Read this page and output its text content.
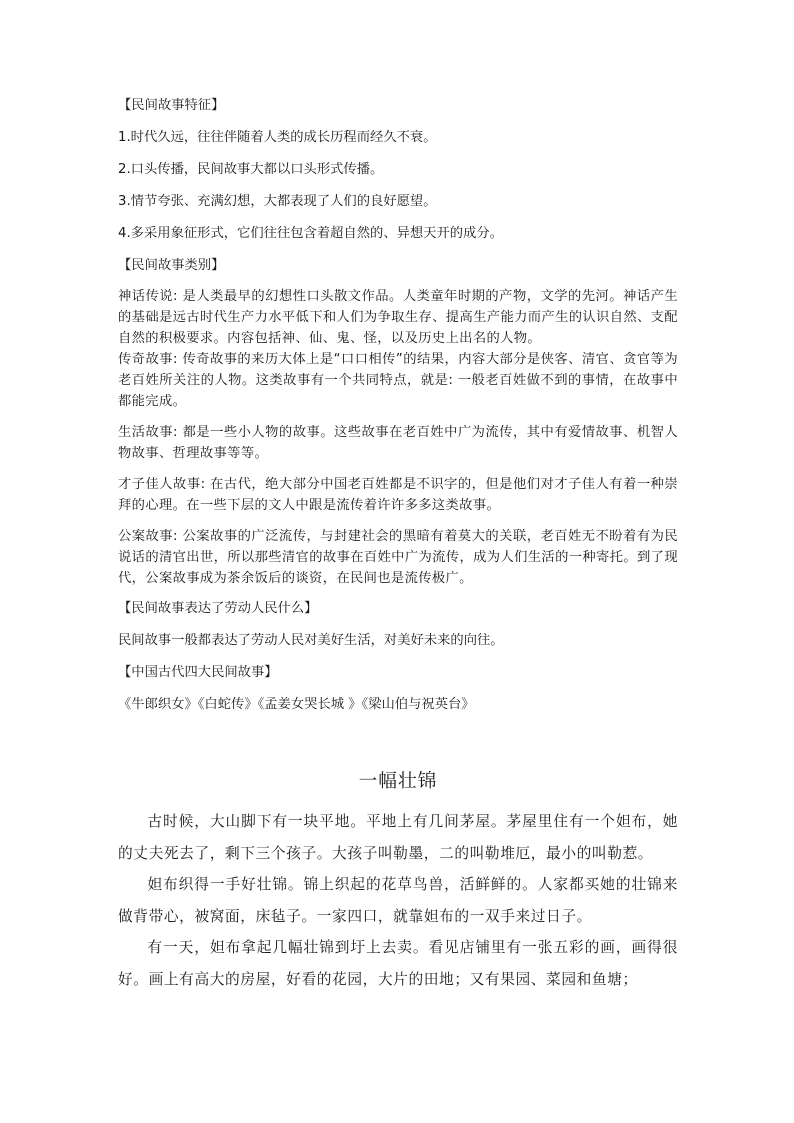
【民间故事特征】
1.时代久远，往往伴随着人类的成长历程而经久不衰。
2.口头传播，民间故事大都以口头形式传播。
3.情节夸张、充满幻想，大都表现了人们的良好愿望。
4.多采用象征形式，它们往往包含着超自然的、异想天开的成分。
【民间故事类别】
神话传说: 是人类最早的幻想性口头散文作品。人类童年时期的产物，文学的先河。神话产生的基础是远古时代生产力水平低下和人们为争取生存、提高生产能力而产生的认识自然、支配自然的积极要求。内容包括神、仙、鬼、怪，以及历史上出名的人物。
传奇故事: 传奇故事的来历大体上是“口口相传”的结果，内容大部分是侠客、清官、贪官等为老百姓所关注的人物。这类故事有一个共同特点，就是: 一般老百姓做不到的事情，在故事中都能完成。
生活故事: 都是一些小人物的故事。这些故事在老百姓中广为流传，其中有爱情故事、机智人物故事、哲理故事等等。
才子佳人故事: 在古代，绝大部分中国老百姓都是不识字的，但是他们对才子佳人有着一种崇拜的心理。在一些下层的文人中跟是流传着许许多多这类故事。
公案故事: 公案故事的广泛流传，与封建社会的黑暗有着莫大的关联，老百姓无不盼着有为民说话的清官出世，所以那些清官的故事在百姓中广为流传，成为人们生活的一种寄托。到了现代，公案故事成为茶余饭后的谈资，在民间也是流传极广。
【民间故事表达了劳动人民什么】
民间故事一般都表达了劳动人民对美好生活，对美好未来的向往。
【中国古代四大民间故事】
《牛郎织女》《白蛇传》《孟姜女哭长城 》《梁山伯与祝英台》
一幅壮锦

古时候，大山脚下有一块平地。平地上有几间茅屋。茅屋里住有一个妲布，她的丈夫死去了，剩下三个孩子。大孩子叫勒墨，二的叫勒堆厄，最小的叫勒惹。

妲布织得一手好壮锦。锦上织起的花草鸟兽，活鲜鲜的。人家都买她的壮锦来做背带心，被窝面，床毡子。一家四口，就靠妲布的一双手来过日子。

有一天，妲布拿起几幅壮锦到圩上去卖。看见店铺里有一张五彩的画，画得很好。画上有高大的房屋，好看的花园，大片的田地；又有果园、菜园和鱼塘；
